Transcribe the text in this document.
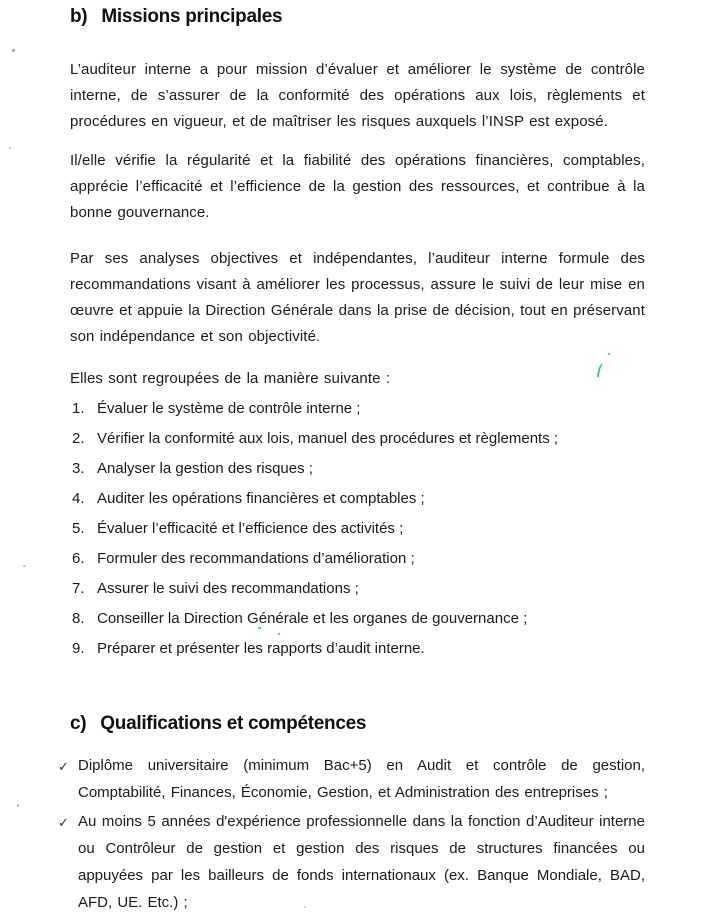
b) Missions principales

L’auditeur interne a pour mission d’évaluer et améliorer le système de contrôle interne, de s’assurer de la conformité des opérations aux lois, règlements et procédures en vigueur, et de maîtriser les risques auxquels l’INSP est exposé.

Il/elle vérifie la régularité et la fiabilité des opérations financières, comptables, apprécie l’efficacité et l’efficience de la gestion des ressources, et contribue à la bonne gouvernance.

Par ses analyses objectives et indépendantes, l’auditeur interne formule des recommandations visant à améliorer les processus, assure le suivi de leur mise en œuvre et appuie la Direction Générale dans la prise de décision, tout en préservant son indépendance et son objectivité.

Elles sont regroupées de la manière suivante :

1. Évaluer le système de contrôle interne ;
2. Vérifier la conformité aux lois, manuel des procédures et règlements ;
3. Analyser la gestion des risques ;
4. Auditer les opérations financières et comptables ;
5. Évaluer l’efficacité et l’efficience des activités ;
6. Formuler des recommandations d’amélioration ;
7. Assurer le suivi des recommandations ;
8. Conseiller la Direction Générale et les organes de gouvernance ;
9. Préparer et présenter les rapports d’audit interne.
c) Qualifications et compétences
✓ Diplôme universitaire (minimum Bac+5) en Audit et contrôle de gestion, Comptabilité, Finances, Économie, Gestion, et Administration des entreprises ;
✓ Au moins 5 années d'expérience professionnelle dans la fonction d’Auditeur interne ou Contrôleur de gestion et gestion des risques de structures financées ou appuyées par les bailleurs de fonds internationaux (ex. Banque Mondiale, BAD, AFD, UE. Etc.) ;
